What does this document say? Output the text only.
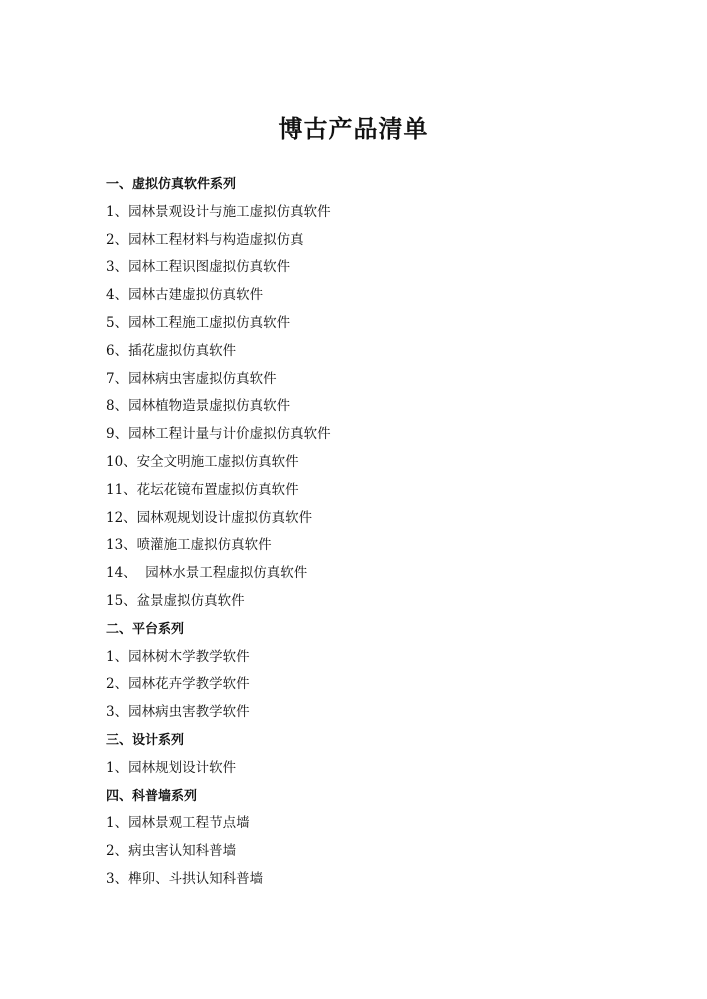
博古产品清单
一、虚拟仿真软件系列
1、园林景观设计与施工虚拟仿真软件
2、园林工程材料与构造虚拟仿真
3、园林工程识图虚拟仿真软件
4、园林古建虚拟仿真软件
5、园林工程施工虚拟仿真软件
6、插花虚拟仿真软件
7、园林病虫害虚拟仿真软件
8、园林植物造景虚拟仿真软件
9、园林工程计量与计价虚拟仿真软件
10、安全文明施工虚拟仿真软件
11、花坛花镜布置虚拟仿真软件
12、园林观规划设计虚拟仿真软件
13、喷灌施工虚拟仿真软件
14、  园林水景工程虚拟仿真软件
15、盆景虚拟仿真软件
二、平台系列
1、园林树木学教学软件
2、园林花卉学教学软件
3、园林病虫害教学软件
三、设计系列
1、园林规划设计软件
四、科普墙系列
1、园林景观工程节点墙
2、病虫害认知科普墙
3、榫卯、斗拱认知科普墙
